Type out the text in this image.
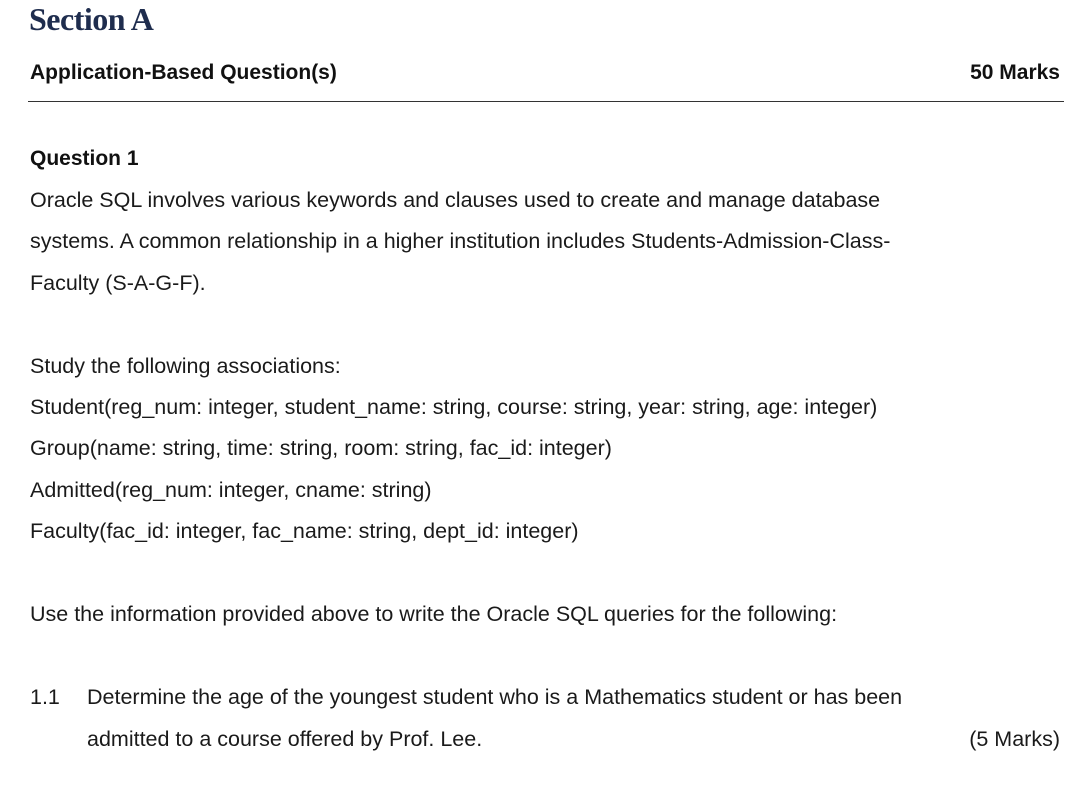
Section A
Application-Based Question(s)	50 Marks
Question 1
Oracle SQL involves various keywords and clauses used to create and manage database
systems. A common relationship in a higher institution includes Students-Admission-Class-
Faculty (S-A-G-F).
Study the following associations:
Student(reg_num: integer, student_name: string, course: string, year: string, age: integer)
Group(name: string, time: string, room: string, fac_id: integer)
Admitted(reg_num: integer, cname: string)
Faculty(fac_id: integer, fac_name: string, dept_id: integer)
Use the information provided above to write the Oracle SQL queries for the following:
1.1 Determine the age of the youngest student who is a Mathematics student or has been
admitted to a course offered by Prof. Lee.	(5 Marks)
